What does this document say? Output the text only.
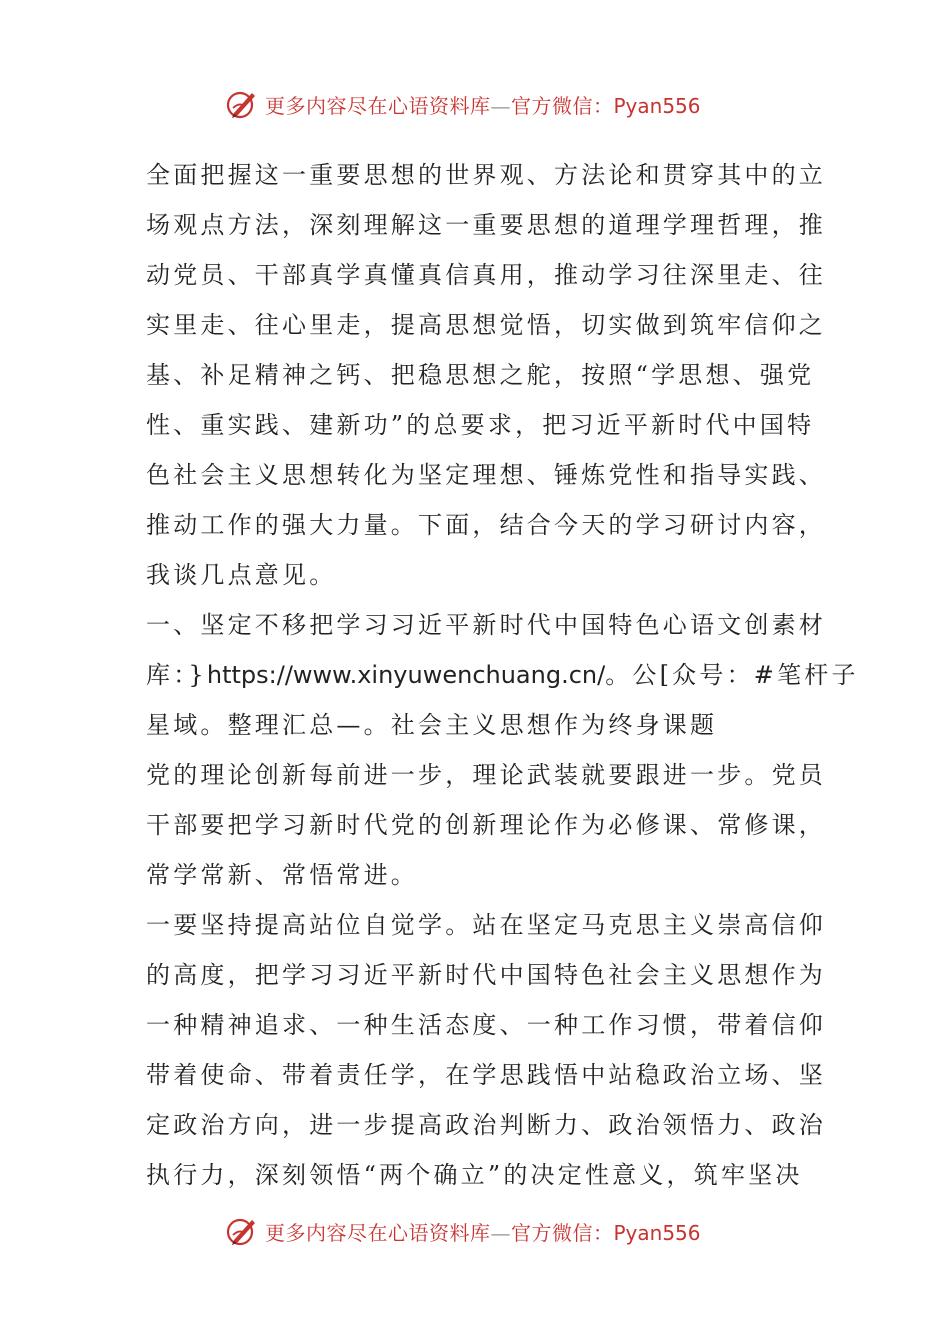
更多内容尽在心语资料库—官方微信：Pyan556

全面把握这一重要思想的世界观、方法论和贯穿其中的立
场观点方法，深刻理解这一重要思想的道理学理哲理，推
动党员、干部真学真懂真信真用，推动学习往深里走、往
实里走、往心里走，提高思想觉悟，切实做到筑牢信仰之
基、补足精神之钙、把稳思想之舵，按照“学思想、强党
性、重实践、建新功”的总要求，把习近平新时代中国特
色社会主义思想转化为坚定理想、锤炼党性和指导实践、
推动工作的强大力量。下面，结合今天的学习研讨内容，
我谈几点意见。

一、坚定不移把学习习近平新时代中国特色心语文创素材
库：}https://www.xinyuwenchuang.cn/。公[众号：#笔杆子
星域。整理汇总—。社会主义思想作为终身课题

党的理论创新每前进一步，理论武装就要跟进一步。党员
干部要把学习新时代党的创新理论作为必修课、常修课，
常学常新、常悟常进。

一要坚持提高站位自觉学。站在坚定马克思主义崇高信仰
的高度，把学习习近平新时代中国特色社会主义思想作为
一种精神追求、一种生活态度、一种工作习惯，带着信仰
带着使命、带着责任学，在学思践悟中站稳政治立场、坚
定政治方向，进一步提高政治判断力、政治领悟力、政治
执行力，深刻领悟“两个确立”的决定性意义，筑牢坚决

更多内容尽在心语资料库—官方微信：Pyan556
